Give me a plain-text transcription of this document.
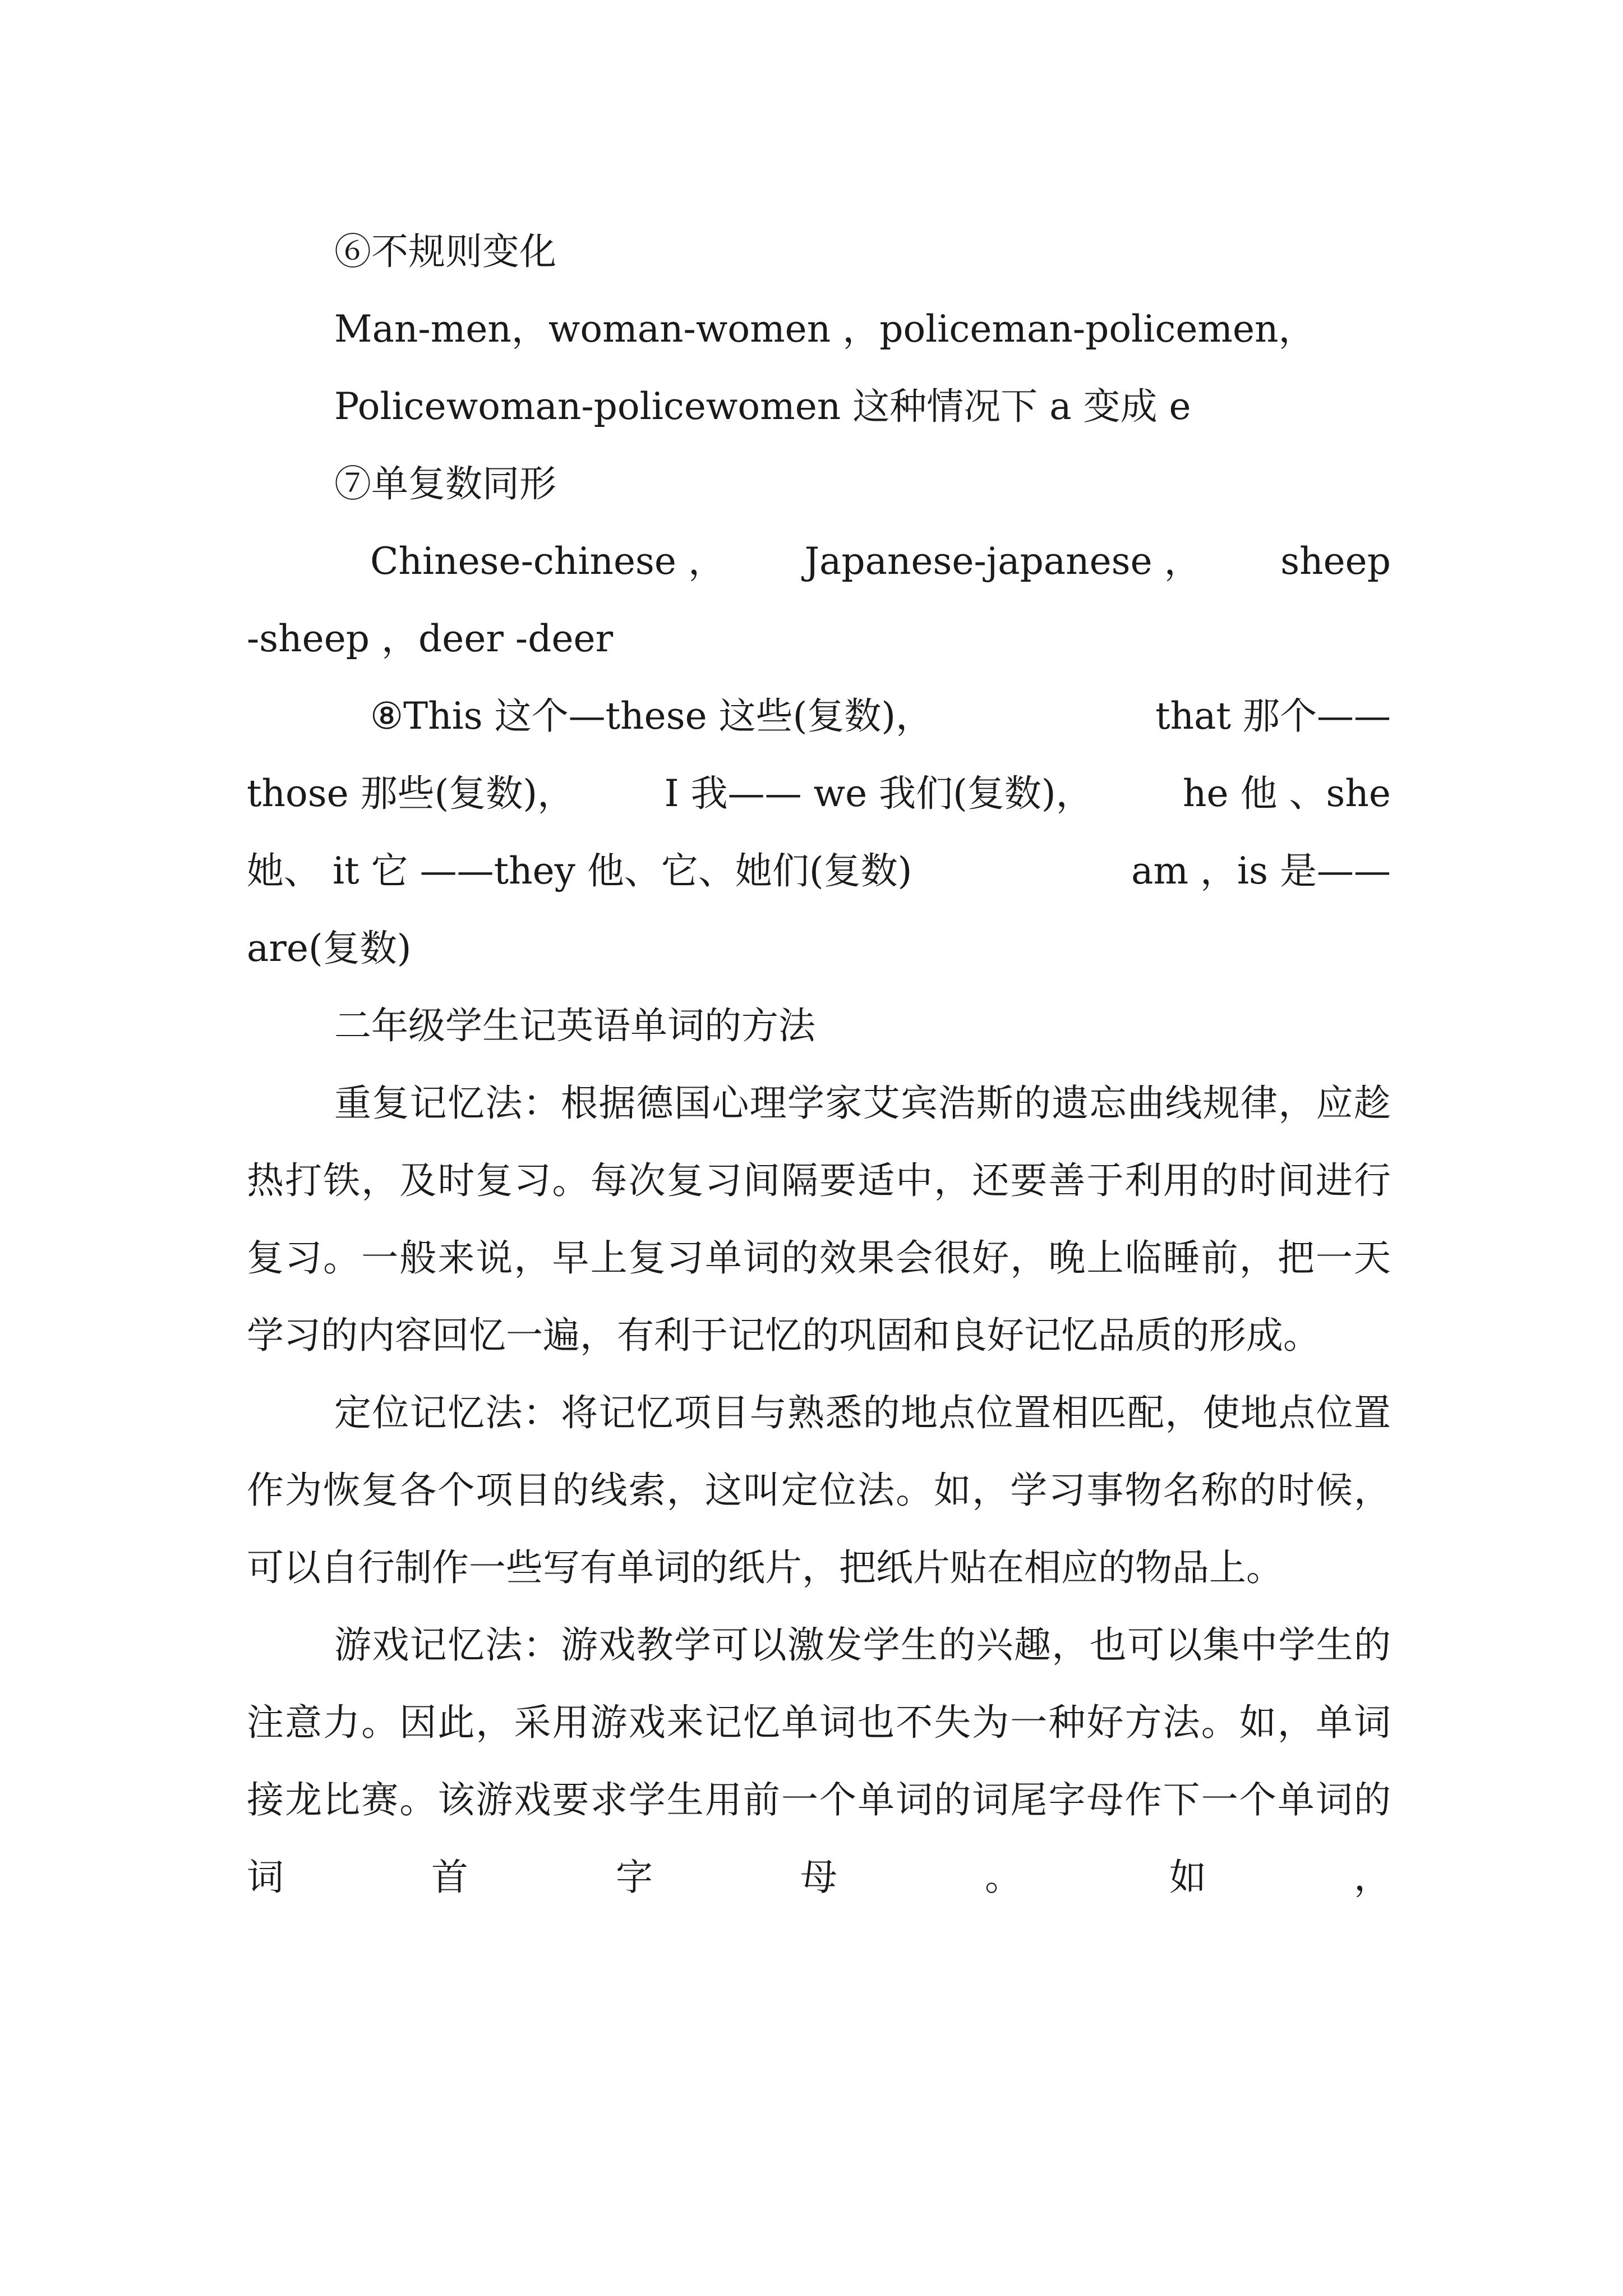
⑥不规则变化
Man-men，woman-women ，policeman-policemen，
Policewoman-policewomen 这种情况下 a 变成 e
⑦单复数同形
Chinese-chinese ， Japanese-japanese ， sheep
-sheep ，deer -deer
⑧This 这个—these 这些(复数)，	that 那个——
those 那些(复数)， I 我—— we 我们(复数)， he 他 、she
她、 it 它 ——they 他、它、她们(复数)	am ，is 是——
are(复数)
二年级学生记英语单词的方法

重复记忆法：根据德国心理学家艾宾浩斯的遗忘曲线规律，应趁热打铁，及时复习。每次复习间隔要适中，还要善于利用的时间进行复习。一般来说，早上复习单词的效果会很好，晚上临睡前，把一天学习的内容回忆一遍，有利于记忆的巩固和良好记忆品质的形成。

定位记忆法：将记忆项目与熟悉的地点位置相匹配，使地点位置作为恢复各个项目的线索，这叫定位法。如，学习事物名称的时候，可以自行制作一些写有单词的纸片，把纸片贴在相应的物品上。

游戏记忆法：游戏教学可以激发学生的兴趣，也可以集中学生的注意力。因此，采用游戏来记忆单词也不失为一种好方法。如，单词接龙比赛。该游戏要求学生用前一个单词的词尾字母作下一个单词的词首字母。如，
